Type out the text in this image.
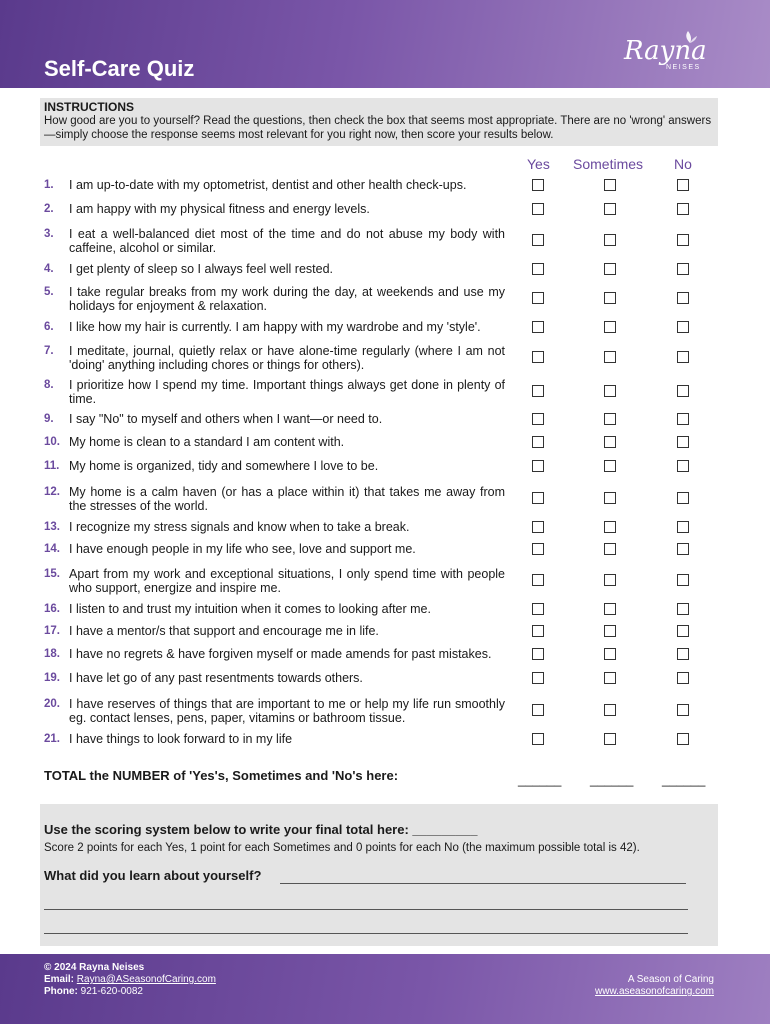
Self-Care Quiz
Rayna
NEISES
INSTRUCTIONS
How good are you to yourself? Read the questions, then check the box that seems most appropriate. There are no 'wrong' answers—simply choose the response seems most relevant for you right now, then score your results below.
Yes Sometimes No
1. I am up-to-date with my optometrist, dentist and other health check-ups.
2. I am happy with my physical fitness and energy levels.
3. I eat a well-balanced diet most of the time and do not abuse my body with caffeine, alcohol or similar.
4. I get plenty of sleep so I always feel well rested.
5. I take regular breaks from my work during the day, at weekends and use my holidays for enjoyment & relaxation.
6. I like how my hair is currently. I am happy with my wardrobe and my 'style'.
7. I meditate, journal, quietly relax or have alone-time regularly (where I am not 'doing' anything including chores or things for others).
8. I prioritize how I spend my time. Important things always get done in plenty of time.
9. I say "No" to myself and others when I want—or need to.
10. My home is clean to a standard I am content with.
11. My home is organized, tidy and somewhere I love to be.
12. My home is a calm haven (or has a place within it) that takes me away from the stresses of the world.
13. I recognize my stress signals and know when to take a break.
14. I have enough people in my life who see, love and support me.
15. Apart from my work and exceptional situations, I only spend time with people who support, energize and inspire me.
16. I listen to and trust my intuition when it comes to looking after me.
17. I have a mentor/s that support and encourage me in life.
18. I have no regrets & have forgiven myself or made amends for past mistakes.
19. I have let go of any past resentments towards others.
20. I have reserves of things that are important to me or help my life run smoothly eg. contact lenses, pens, paper, vitamins or bathroom tissue.
21. I have things to look forward to in my life
TOTAL the NUMBER of 'Yes's, Sometimes and 'No's here:	______ ______ ______
Use the scoring system below to write your final total here: _________
Score 2 points for each Yes, 1 point for each Sometimes and 0 points for each No (the maximum possible total is 42).
What did you learn about yourself?
© 2024 Rayna Neises
Email: Rayna@ASeasonofCaring.com
Phone: 921-620-0082
A Season of Caring
www.aseasonofcaring.com
